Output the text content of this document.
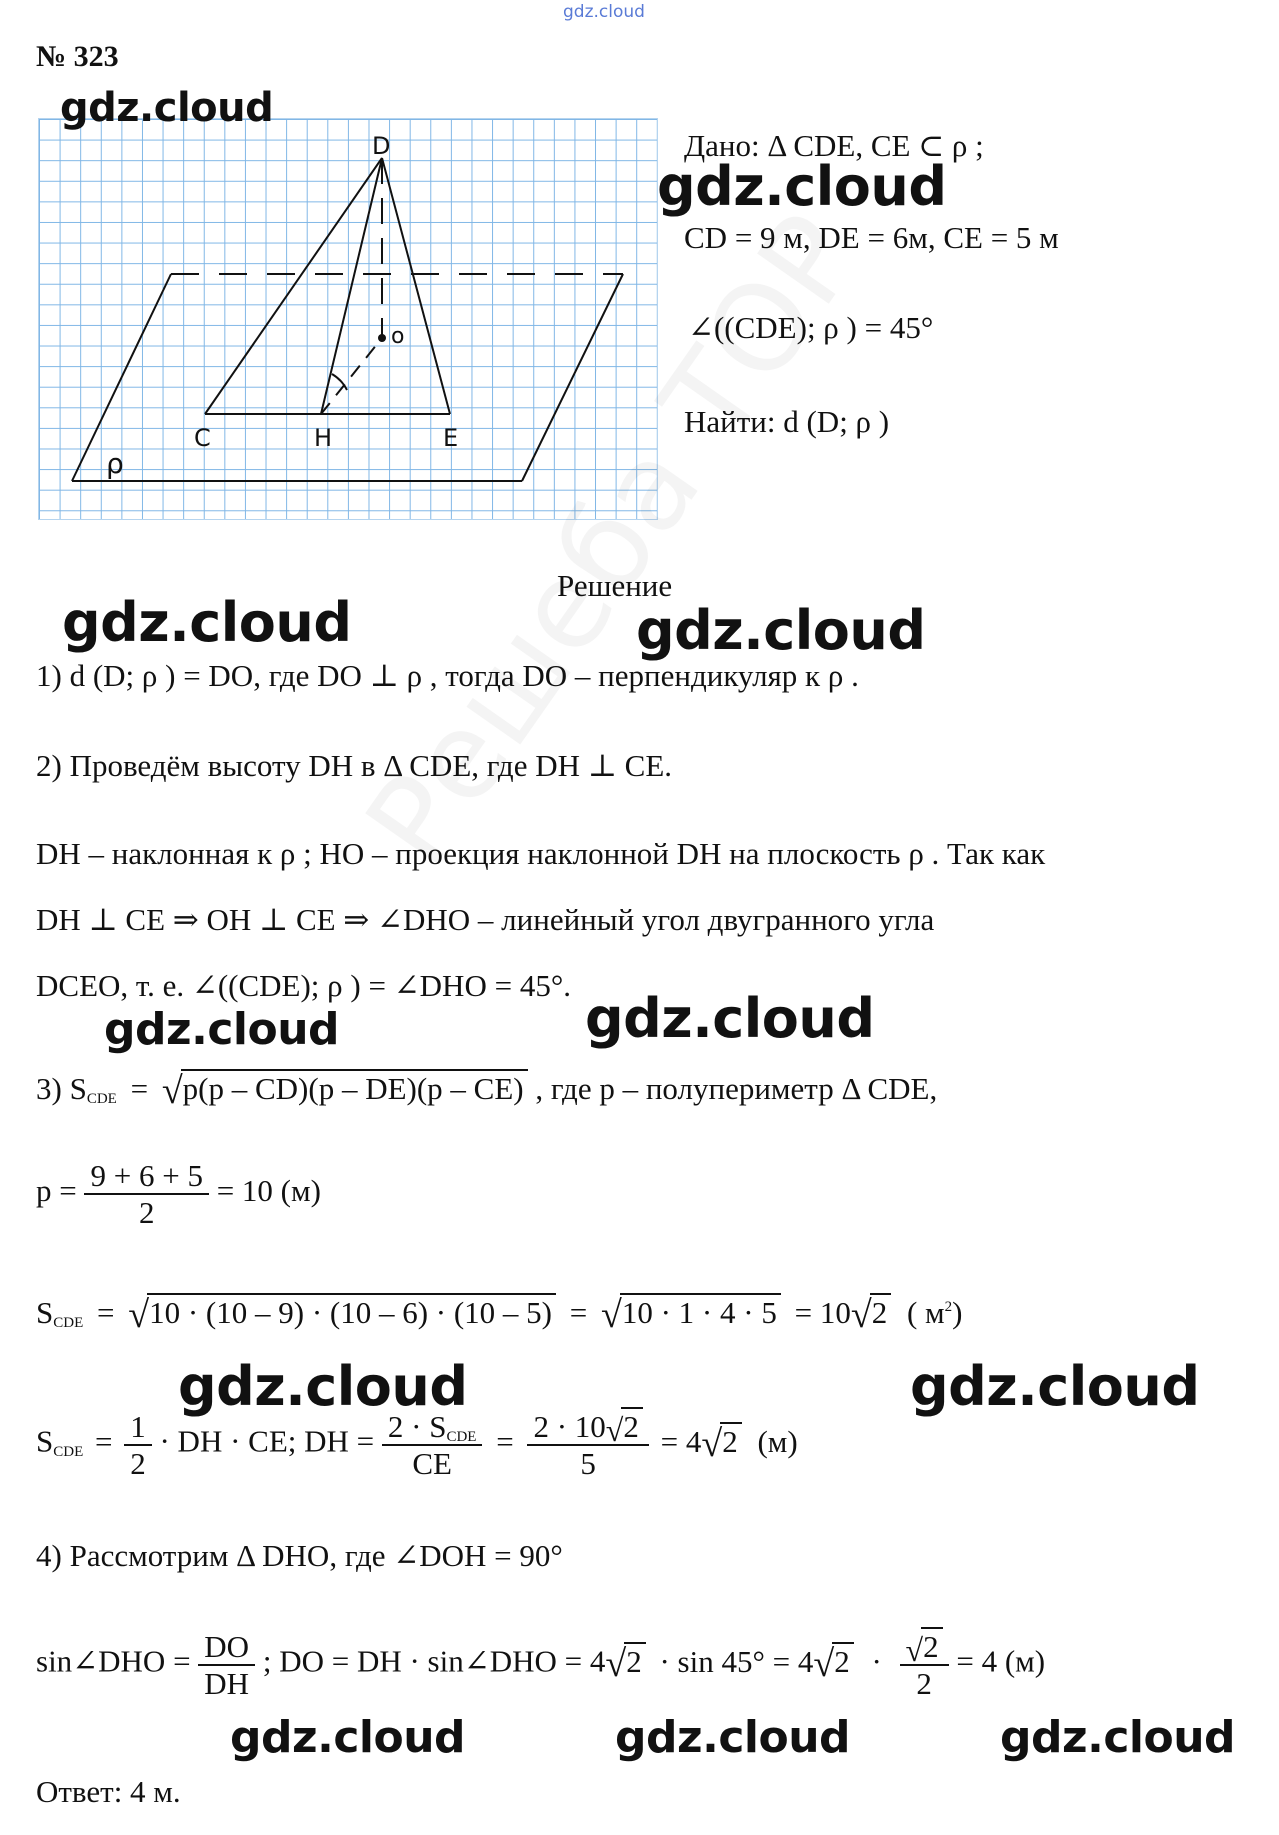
gdz.cloud
№ 323
D
o
C	H	E
ρ
gdz.cloud
Дано: Δ CDE, CE ⊂ ρ ;
gdz.cloud
CD = 9 м, DE = 6м, CE = 5 м
∠((CDE); ρ ) = 45°
Найти: d (D; ρ )
Решение
gdz.cloud	gdz.cloud
1) d (D; ρ ) = DO, где DO ⊥ ρ , тогда DO – перпендикуляр к ρ .
2) Проведём высоту DH в Δ CDE, где DH ⊥ CE.
DH – наклонная к ρ ; HO – проекция наклонной DH на плоскость ρ . Так как
DH ⊥ CE ⇒ OH ⊥ CE ⇒ ∠DHO – линейный угол двугранного угла
DCEO, т. е. ∠((CDE); ρ ) = ∠DHO = 45°.
gdz.cloud	gdz.cloud
3) SCDE = √p(p – CD)(p – DE)(p – CE) , где p – полупериметр Δ CDE,
$p = \frac{9 + 6 + 5}{2} = 10$ (м)
SCDE = √10 · (10 – 9) · (10 – 6) · (10 – 5) = √10 · 1 · 4 · 5 = 10√2 ( $м^2$)
gdz.cloud	gdz.cloud
SCDE = $\frac{1}{2}$ · DH · CE; DH = $\frac{\text{2 · SCDE}}{CE} = \frac{2 \cdot 10√2}{5} = 4√2$ (м)
4) Рассмотрим Δ DHO, где ∠DOH = 90°
sin∠DHO = $\frac{DO}{DH}$ ; DO = DH · sin∠DHO = $4√2 \cdot \sin 45^\circ = 4√2 \cdot \frac{√2}{2} = 4$ (м)
gdz.cloud	gdz.cloud	gdz.cloud
Ответ: 4 м.
